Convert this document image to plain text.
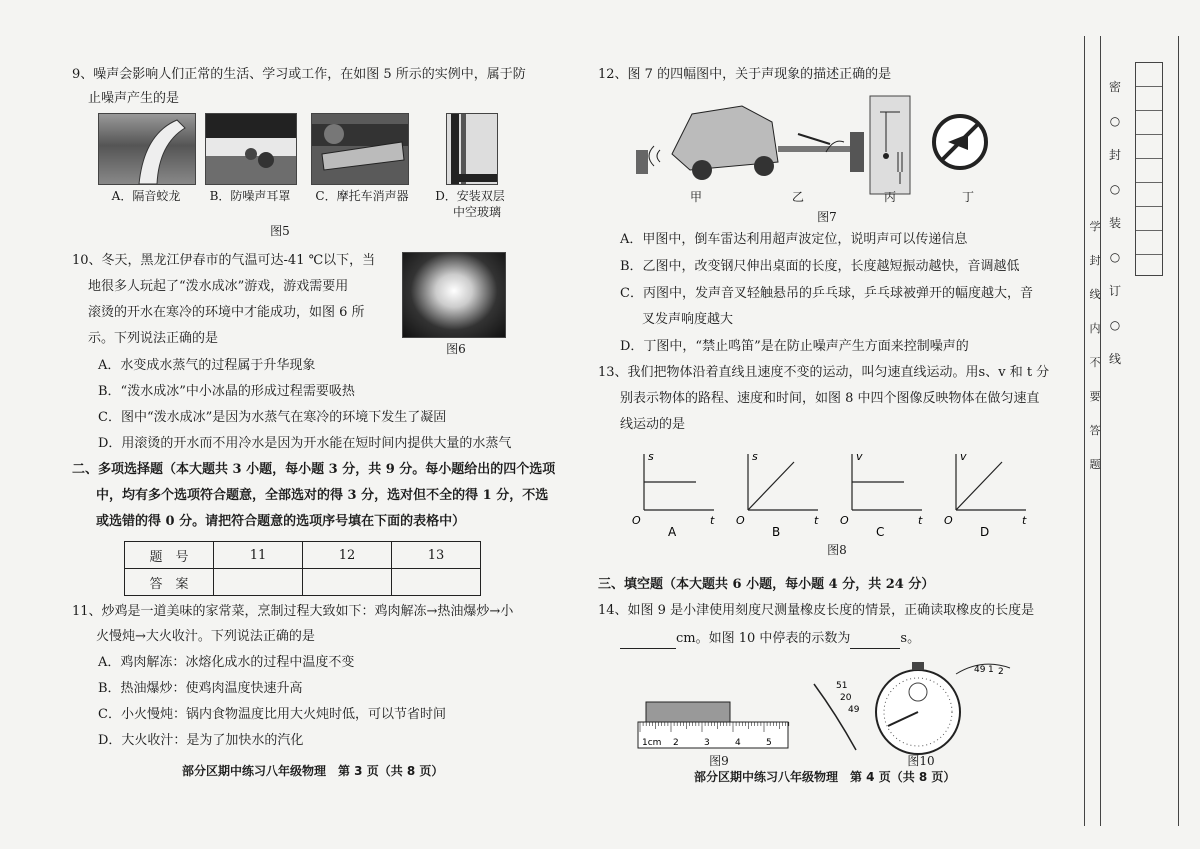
9、噪声会影响人们正常的生活、学习或工作，在如图 5 所示的实例中，属于防
止噪声产生的是
A．隔音蛟龙	B．防噪声耳罩	C．摩托车消声器	D．安装双层
中空玻璃
图5
10、冬天，黑龙江伊春市的气温可达-41 ℃以下，当
地很多人玩起了“泼水成冰”游戏，游戏需要用
滚烫的开水在寒冷的环境中才能成功，如图 6 所
示。下列说法正确的是
图6
A．水变成水蒸气的过程属于升华现象
B．“泼水成冰”中小冰晶的形成过程需要吸热
C．图中“泼水成冰”是因为水蒸气在寒冷的环境下发生了凝固
D．用滚烫的开水而不用冷水是因为开水能在短时间内提供大量的水蒸气
二、多项选择题（本大题共 3 小题，每小题 3 分，共 9 分。每小题给出的四个选项
中，均有多个选项符合题意，全部选对的得 3 分，选对但不全的得 1 分，不选
或选错的得 0 分。请把符合题意的选项序号填在下面的表格中）
题　号	11	12	13
答　案			
11、炒鸡是一道美味的家常菜，烹制过程大致如下：鸡肉解冻→热油爆炒→小
火慢炖→大火收汁。下列说法正确的是
A．鸡肉解冻：冰熔化成水的过程中温度不变
B．热油爆炒：使鸡肉温度快速升高
C．小火慢炖：锅内食物温度比用大火炖时低，可以节省时间
D．大火收汁：是为了加快水的汽化
部分区期中练习八年级物理　第 3 页（共 8 页）
12、图 7 的四幅图中，关于声现象的描述正确的是
甲	乙	丙	丁
图7
A．甲图中，倒车雷达利用超声波定位，说明声可以传递信息
B．乙图中，改变钢尺伸出桌面的长度，长度越短振动越快，音调越低
C．丙图中，发声音叉轻触悬吊的乒乓球，乒乓球被弹开的幅度越大，音
叉发声响度越大
D．丁图中，“禁止鸣笛”是在防止噪声产生方面来控制噪声的
13、我们把物体沿着直线且速度不变的运动，叫匀速直线运动。用s、v 和 t 分
别表示物体的路程、速度和时间，如图 8 中四个图像反映物体在做匀速直
线运动的是
s
t
O
A
s
t
O
B
v
t
O
C
v
t
O
D
图8
三、填空题（本大题共 6 小题，每小题 4 分，共 24 分）
14、如图 9 是小津使用刻度尺测量橡皮长度的情景，正确读取橡皮的长度是
cm。如图 10 中停表的示数为	s。
1cm 2	3	4	5
图9
51
20
49
49 1 2
图10
部分区期中练习八年级物理　第 4 页（共 8 页）
学
封
线
内
不
要
答
题
密
○
封
○
装
○
订
○
线
